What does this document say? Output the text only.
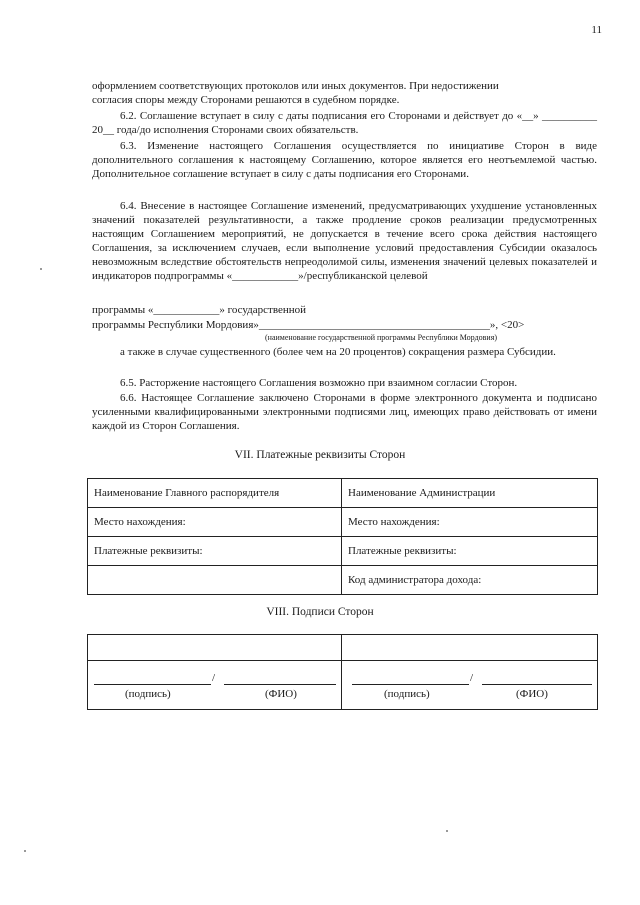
11
оформлением соответствующих протоколов или иных документов. При недостижении
согласия споры между Сторонами решаются в судебном порядке.
6.2. Соглашение вступает в силу с даты подписания его Сторонами и действует до «__» __________ 20__ года/до исполнения Сторонами своих обязательств.
6.3. Изменение настоящего Соглашения осуществляется по инициативе Сторон в виде дополнительного соглашения к настоящему Соглашению, которое является его неотъемлемой частью. Дополнительное соглашение вступает в силу с даты подписания его Сторонами.
6.4. Внесение в настоящее Соглашение изменений, предусматривающих ухудшение установленных значений показателей результативности, а также продление сроков реализации предусмотренных настоящим Соглашением мероприятий, не допускается в течение всего срока действия настоящего Соглашения, за исключением случаев, если выполнение условий предоставления Субсидии оказалось невозможным вследствие обстоятельств непреодолимой силы, изменения значений целевых показателей и индикаторов подпрограммы «____________»/республиканской целевой
программы «____________» государственной
программы Республики Мордовия»__________________________________________», <20>
(наименование государственной программы Республики Мордовия)
а также в случае существенного (более чем на 20 процентов) сокращения размера Субсидии.
6.5. Расторжение настоящего Соглашения возможно при взаимном согласии Сторон.
6.6. Настоящее Соглашение заключено Сторонами в форме электронного документа и подписано усиленными квалифицированными электронными подписями лиц, имеющих право действовать от имени каждой из Сторон Соглашения.
VII. Платежные реквизиты Сторон
Наименование Главного распорядителя	Наименование Администрации
Место нахождения:	Место нахождения:
Платежные реквизиты:	Платежные реквизиты:
	Код администратора дохода:
VIII. Подписи Сторон

/
(подпись)	(ФИО)
/
(подпись)	(ФИО)
